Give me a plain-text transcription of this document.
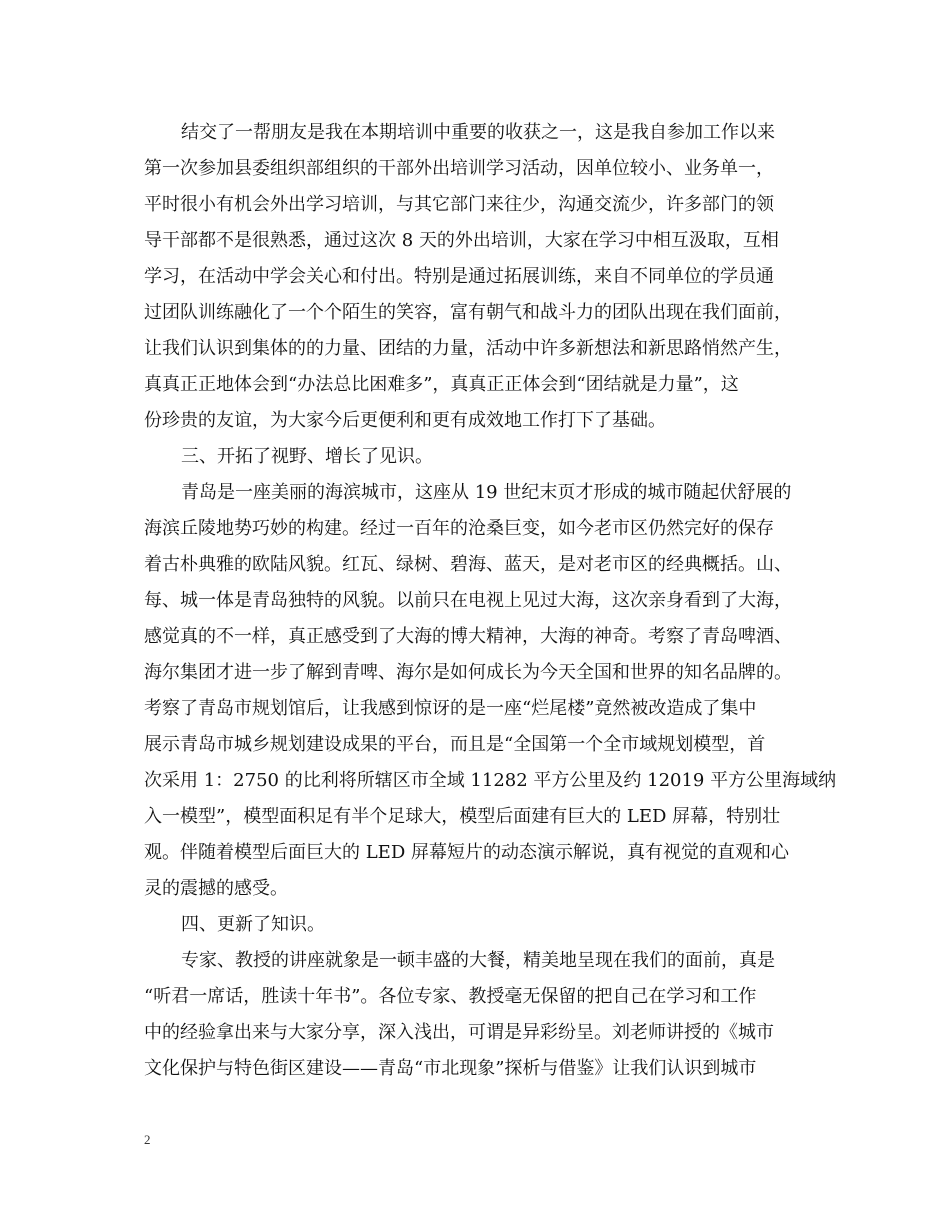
结交了一帮朋友是我在本期培训中重要的收获之一，这是我自参加工作以来
第一次参加县委组织部组织的干部外出培训学习活动，因单位较小、业务单一，
平时很小有机会外出学习培训，与其它部门来往少，沟通交流少，许多部门的领
导干部都不是很熟悉，通过这次 8 天的外出培训，大家在学习中相互汲取，互相
学习，在活动中学会关心和付出。特别是通过拓展训练，来自不同单位的学员通
过团队训练融化了一个个陌生的笑容，富有朝气和战斗力的团队出现在我们面前，
让我们认识到集体的的力量、团结的力量，活动中许多新想法和新思路悄然产生，
真真正正地体会到“办法总比困难多”，真真正正体会到“团结就是力量”，这
份珍贵的友谊，为大家今后更便利和更有成效地工作打下了基础。
三、开拓了视野、增长了见识。
青岛是一座美丽的海滨城市，这座从 19 世纪末页才形成的城市随起伏舒展的
海滨丘陵地势巧妙的构建。经过一百年的沧桑巨变，如今老市区仍然完好的保存
着古朴典雅的欧陆风貌。红瓦、绿树、碧海、蓝天，是对老市区的经典概括。山、
每、城一体是青岛独特的风貌。以前只在电视上见过大海，这次亲身看到了大海，
感觉真的不一样，真正感受到了大海的博大精神，大海的神奇。考察了青岛啤酒、
海尔集团才进一步了解到青啤、海尔是如何成长为今天全国和世界的知名品牌的。
考察了青岛市规划馆后，让我感到惊讶的是一座“烂尾楼”竟然被改造成了集中
展示青岛市城乡规划建设成果的平台，而且是“全国第一个全市域规划模型，首
次采用 1：2750 的比利将所辖区市全域 11282 平方公里及约 12019 平方公里海域纳
入一模型”，模型面积足有半个足球大，模型后面建有巨大的 LED 屏幕，特别壮
观。伴随着模型后面巨大的 LED 屏幕短片的动态演示解说，真有视觉的直观和心
灵的震撼的感受。
四、更新了知识。
专家、教授的讲座就象是一顿丰盛的大餐，精美地呈现在我们的面前，真是
“听君一席话，胜读十年书”。各位专家、教授毫无保留的把自己在学习和工作
中的经验拿出来与大家分享，深入浅出，可谓是异彩纷呈。刘老师讲授的《城市
文化保护与特色街区建设——青岛“市北现象”探析与借鉴》让我们认识到城市
2
